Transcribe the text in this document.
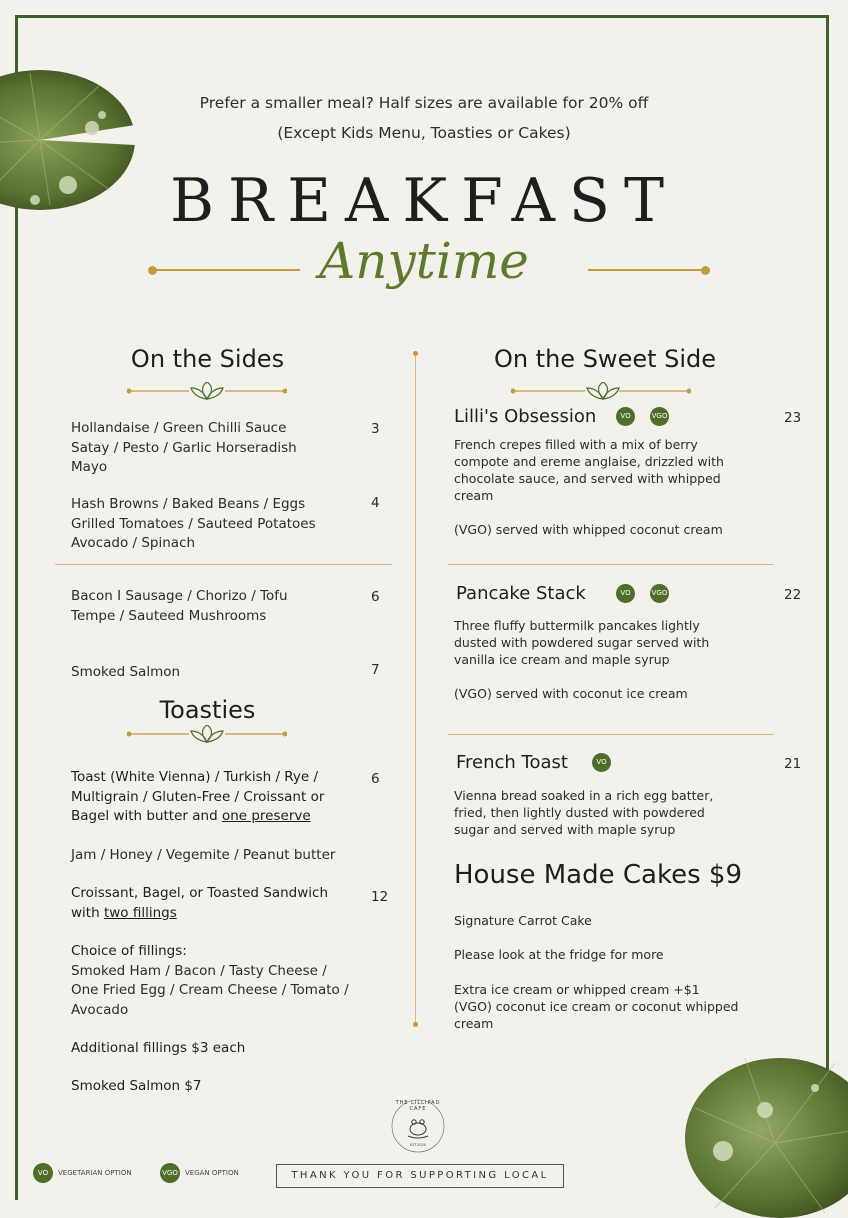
Prefer a smaller meal? Half sizes are available for 20% off
(Except Kids Menu, Toasties or Cakes)
BREAKFAST
Anytime
On the Sides
Hollandaise / Green Chilli Sauce
Satay / Pesto / Garlic Horseradish
Mayo
3
Hash Browns / Baked Beans / Eggs
Grilled Tomatoes / Sauteed Potatoes
Avocado / Spinach
4
Bacon I Sausage / Chorizo / Tofu
Tempe / Sauteed Mushrooms
6
Smoked Salmon	7
Toasties
Toast (White Vienna) / Turkish / Rye /
Multigrain / Gluten-Free / Croissant or
Bagel with butter and one preserve
6
Jam / Honey / Vegemite / Peanut butter
Croissant, Bagel, or Toasted Sandwich
with two fillings
12
Choice of fillings:
Smoked Ham / Bacon / Tasty Cheese /
One Fried Egg / Cream Cheese / Tomato /
Avocado
Additional fillings $3 each
Smoked Salmon $7
On the Sweet Side
Lilli's Obsession	VO	VGO	23
French crepes filled with a mix of berry
compote and ereme anglaise, drizzled with
chocolate sauce, and served with whipped
cream
(VGO) served with whipped coconut cream
Pancake Stack	VO	VGO	22
Three fluffy buttermilk pancakes lightly
dusted with powdered sugar served with
vanilla ice cream and maple syrup
(VGO) served with coconut ice cream
French Toast	VO	21
Vienna bread soaked in a rich egg batter,
fried, then lightly dusted with powdered
sugar and served with maple syrup
House Made Cakes $9
Signature Carrot Cake
Please look at the fridge for more
Extra ice cream or whipped cream +$1
(VGO) coconut ice cream or coconut whipped
cream
THE LILLIPAD CAFE
EST.2020
VO	VEGETARIAN OPTION	VGO	VEGAN OPTION	THANK YOU FOR SUPPORTING LOCAL
